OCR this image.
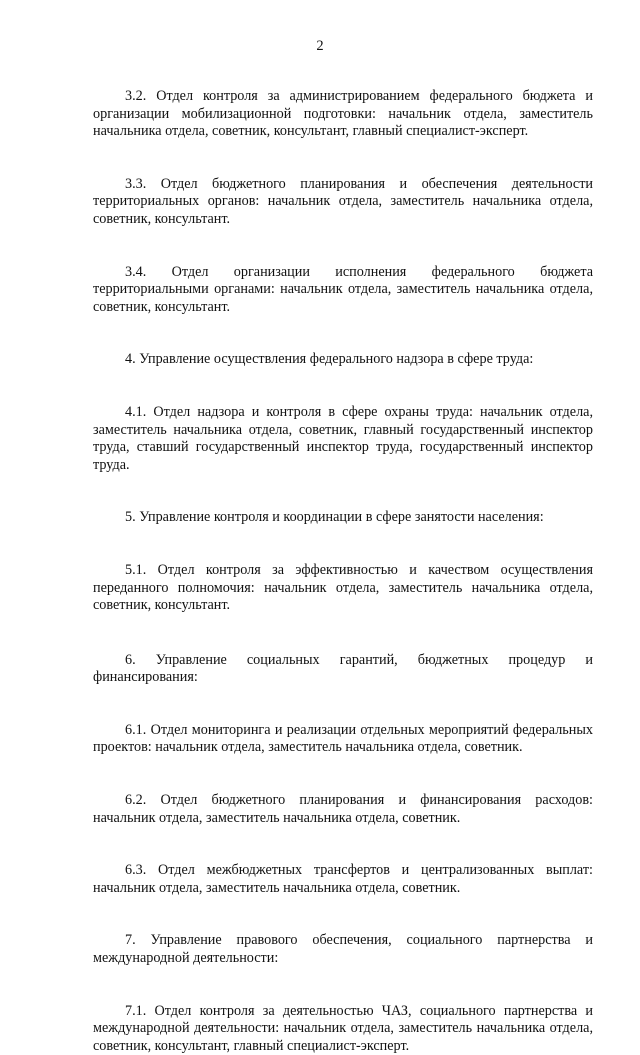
2

3.2. Отдел контроля за администрированием федерального бюджета и организации мобилизационной подготовки: начальник отдела, заместитель начальника отдела, советник, консультант, главный специалист-эксперт.

3.3. Отдел бюджетного планирования и обеспечения деятельности территориальных органов: начальник отдела, заместитель начальника отдела, советник, консультант.

3.4. Отдел организации исполнения федерального бюджета территориальными органами: начальник отдела, заместитель начальника отдела, советник, консультант.

4. Управление осуществления федерального надзора в сфере труда:

4.1. Отдел надзора и контроля в сфере охраны труда: начальник отдела, заместитель начальника отдела, советник, главный государственный инспектор труда, ставший государственный инспектор труда, государственный инспектор труда.

5. Управление контроля и координации в сфере занятости населения:

5.1. Отдел контроля за эффективностью и качеством осуществления переданного полномочия: начальник отдела, заместитель начальника отдела, советник, консультант.

6. Управление социальных гарантий, бюджетных процедур и финансирования:

6.1. Отдел мониторинга и реализации отдельных мероприятий федеральных проектов: начальник отдела, заместитель начальника отдела, советник.

6.2. Отдел бюджетного планирования и финансирования расходов: начальник отдела, заместитель начальника отдела, советник.

6.3. Отдел межбюджетных трансфертов и централизованных выплат: начальник отдела, заместитель начальника отдела, советник.

7. Управление правового обеспечения, социального партнерства и международной деятельности:

7.1. Отдел контроля за деятельностью ЧАЗ, социального партнерства и международной деятельности: начальник отдела, заместитель начальника отдела, советник, консультант, главный специалист-эксперт.
